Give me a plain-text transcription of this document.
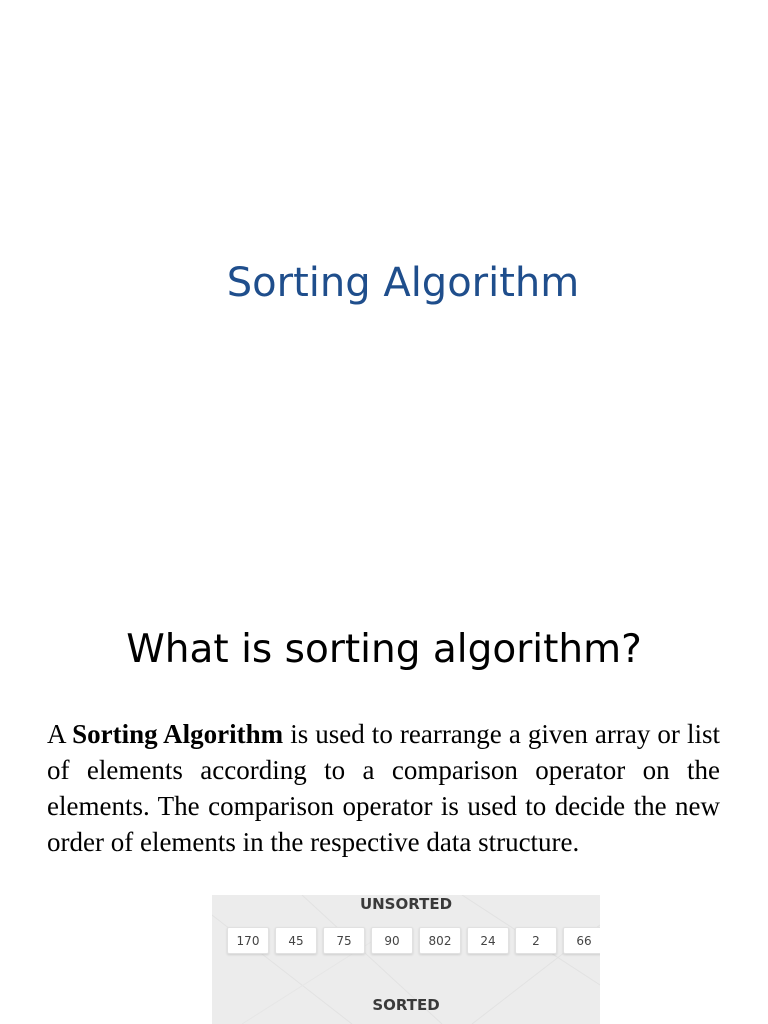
Sorting Algorithm
What is sorting algorithm?

A Sorting Algorithm is used to rearrange a given array or list of elements according to a comparison operator on the elements. The comparison operator is used to decide the new order of elements in the respective data structure.

UNSORTED
170	45	75	90	802	24	2	66
SORTED
